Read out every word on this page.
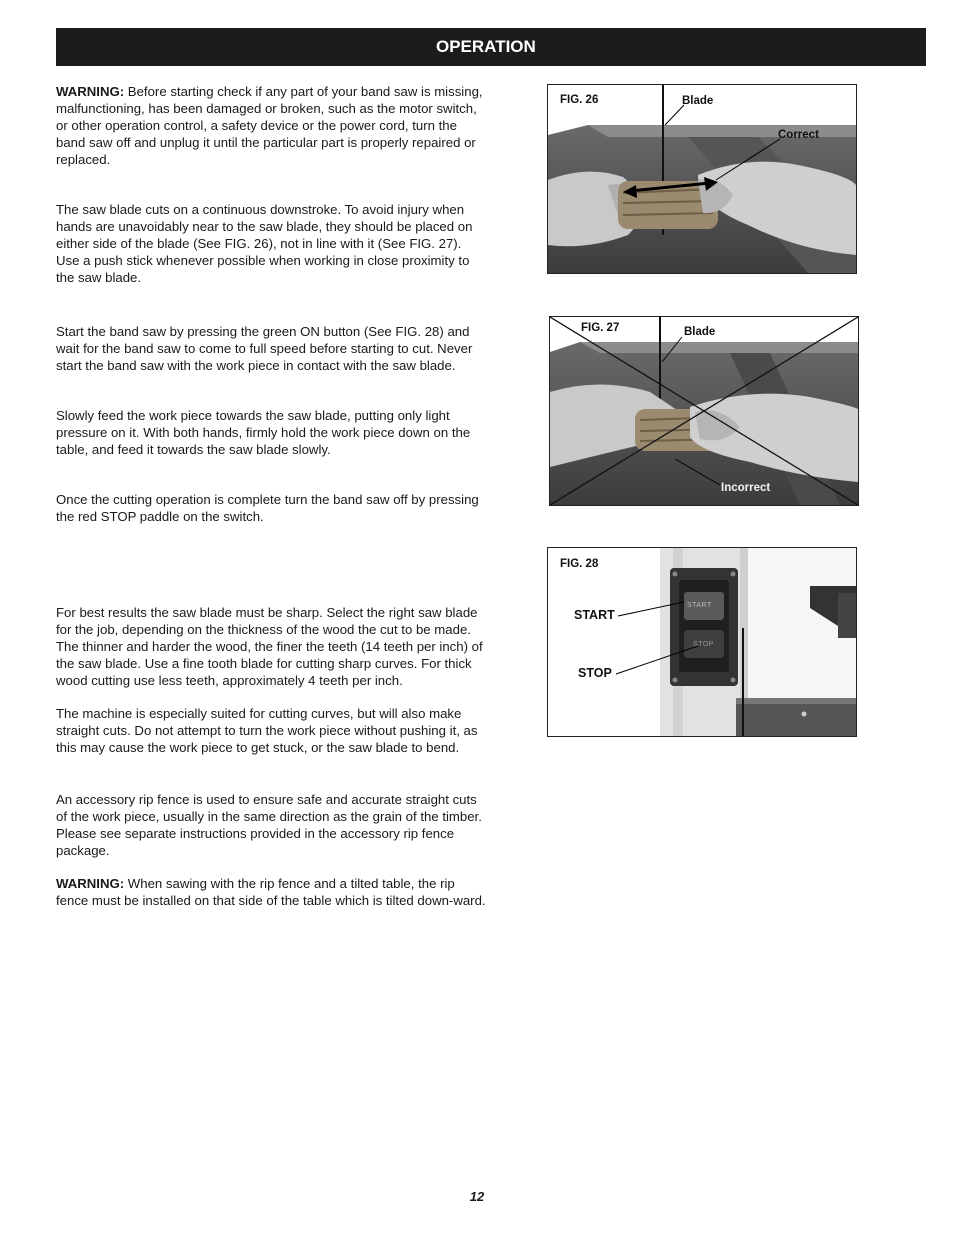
OPERATION

WARNING: Before starting check if any part of your band saw is missing, malfunctioning, has been damaged or broken, such as the motor switch, or other operation control, a safety device or the power cord, turn the band saw off and unplug it until the particular part is properly repaired or replaced.

The saw blade cuts on a continuous downstroke. To avoid injury when hands are unavoidably near to the saw blade, they should be placed on either side of the blade (See FIG. 26), not in line with it (See FIG. 27). Use a push stick whenever possible when working in close proximity to the saw blade.

Start the band saw by pressing the green ON button (See FIG. 28) and wait for the band saw to come to full speed before starting to cut. Never start the band saw with the work piece in contact with the saw blade.

Slowly feed the work piece towards the saw blade, putting only light pressure on it. With both hands, firmly hold the work piece down on the table, and feed it towards the saw blade slowly.

Once the cutting operation is complete turn the band saw off by pressing the red STOP paddle on the switch.

For best results the saw blade must be sharp. Select the right saw blade for the job, depending on the thickness of the wood the cut to be made. The thinner and harder the wood, the finer the teeth (14 teeth per inch) of the saw blade. Use a fine tooth blade for cutting sharp curves. For thick wood cutting use less teeth, approximately 4 teeth per inch.

The machine is especially suited for cutting curves, but will also make straight cuts. Do not attempt to turn the work piece without pushing it, as this may cause the work piece to get stuck, or the saw blade to bend.

An accessory rip fence is used to ensure safe and accurate straight cuts of the work piece, usually in the same direction as the grain of the timber. Please see separate instructions provided in the accessory rip fence package.

WARNING: When sawing with the rip fence and a tilted table, the rip fence must be installed on that side of the table which is tilted down-ward.

FIG. 26	Blade
Correct
FIG. 27	Blade
Incorrect
FIG. 28
START
STOP
START
STOP
12
